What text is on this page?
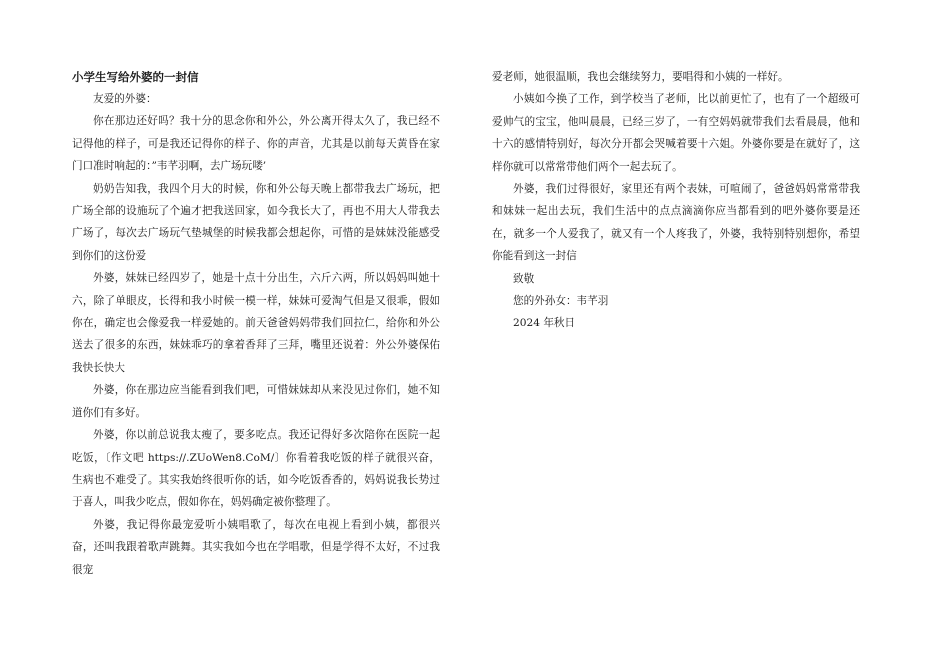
小学生写给外婆的一封信

友爱的外婆：

你在那边还好吗？我十分的思念你和外公，外公离开得太久了，我已经不记得他的样子，可是我还记得你的样子、你的声音，尤其是以前每天黄昏在家门口准时响起的：”韦芊羽啊，去广场玩喽’

奶奶告知我，我四个月大的时候，你和外公每天晚上都带我去广场玩，把广场全部的设施玩了个遍才把我送回家，如今我长大了，再也不用大人带我去广场了，每次去广场玩气垫城堡的时候我都会想起你，可惜的是妹妹没能感受到你们的这份爱

外婆，妹妹已经四岁了，她是十点十分出生，六斤六两，所以妈妈叫她十六，除了单眼皮，长得和我小时候一模一样，妹妹可爱淘气但是又很乖，假如你在，确定也会像爱我一样爱她的。前天爸爸妈妈带我们回拉仁，给你和外公送去了很多的东西，妹妹乖巧的拿着香拜了三拜，嘴里还说着：外公外婆保佑我快长快大

外婆，你在那边应当能看到我们吧，可惜妹妹却从来没见过你们，她不知道你们有多好。

外婆，你以前总说我太瘦了，要多吃点。我还记得好多次陪你在医院一起吃饭，〔作文吧 https://.ZUoWen8.CoM/〕你看着我吃饭的样子就很兴奋，生病也不难受了。其实我始终很听你的话，如今吃饭香香的，妈妈说我长势过于喜人，叫我少吃点，假如你在，妈妈确定被你整理了。

外婆，我记得你最宠爱听小姨唱歌了，每次在电视上看到小姨，都很兴奋，还叫我跟着歌声跳舞。其实我如今也在学唱歌，但是学得不太好，不过我很宠

爱老师，她很温顺，我也会继续努力，要唱得和小姨的一样好。

小姨如今换了工作，到学校当了老师，比以前更忙了，也有了一个超级可爱帅气的宝宝，他叫晨晨，已经三岁了，一有空妈妈就带我们去看晨晨，他和十六的感情特别好，每次分开都会哭喊着要十六姐。外婆你要是在就好了，这样你就可以常常带他们两个一起去玩了。

外婆，我们过得很好，家里还有两个表妹，可喧闹了，爸爸妈妈常常带我和妹妹一起出去玩，我们生活中的点点滴滴你应当都看到的吧外婆你要是还在，就多一个人爱我了，就又有一个人疼我了，外婆，我特别特别想你，希望你能看到这一封信

致敬

您的外孙女：韦芊羽

2024 年秋日
